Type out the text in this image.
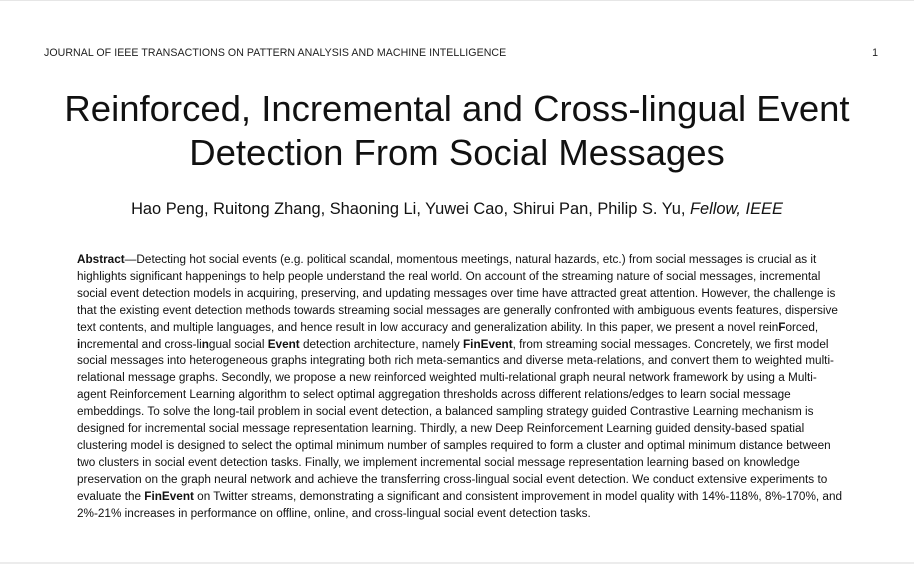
JOURNAL OF IEEE TRANSACTIONS ON PATTERN ANALYSIS AND MACHINE INTELLIGENCE	1
Reinforced, Incremental and Cross-lingual Event
Detection From Social Messages
Hao Peng, Ruitong Zhang, Shaoning Li, Yuwei Cao, Shirui Pan, Philip S. Yu, Fellow, IEEE

Abstract—Detecting hot social events (e.g. political scandal, momentous meetings, natural hazards, etc.) from social messages is crucial as it highlights significant happenings to help people understand the real world. On account of the streaming nature of social messages, incremental social event detection models in acquiring, preserving, and updating messages over time have attracted great attention. However, the challenge is that the existing event detection methods towards streaming social messages are generally confronted with ambiguous events features, dispersive text contents, and multiple languages, and hence result in low accuracy and generalization ability. In this paper, we present a novel reinForced, incremental and cross-lingual social Event detection architecture, namely FinEvent, from streaming social messages. Concretely, we first model social messages into heterogeneous graphs integrating both rich meta-semantics and diverse meta-relations, and convert them to weighted multi-relational message graphs. Secondly, we propose a new reinforced weighted multi-relational graph neural network framework by using a Multi-agent Reinforcement Learning algorithm to select optimal aggregation thresholds across different relations/edges to learn social message embeddings. To solve the long-tail problem in social event detection, a balanced sampling strategy guided Contrastive Learning mechanism is designed for incremental social message representation learning. Thirdly, a new Deep Reinforcement Learning guided density-based spatial clustering model is designed to select the optimal minimum number of samples required to form a cluster and optimal minimum distance between two clusters in social event detection tasks. Finally, we implement incremental social message representation learning based on knowledge preservation on the graph neural network and achieve the transferring cross-lingual social event detection. We conduct extensive experiments to evaluate the FinEvent on Twitter streams, demonstrating a significant and consistent improvement in model quality with 14%-118%, 8%-170%, and 2%-21% increases in performance on offline, online, and cross-lingual social event detection tasks.
